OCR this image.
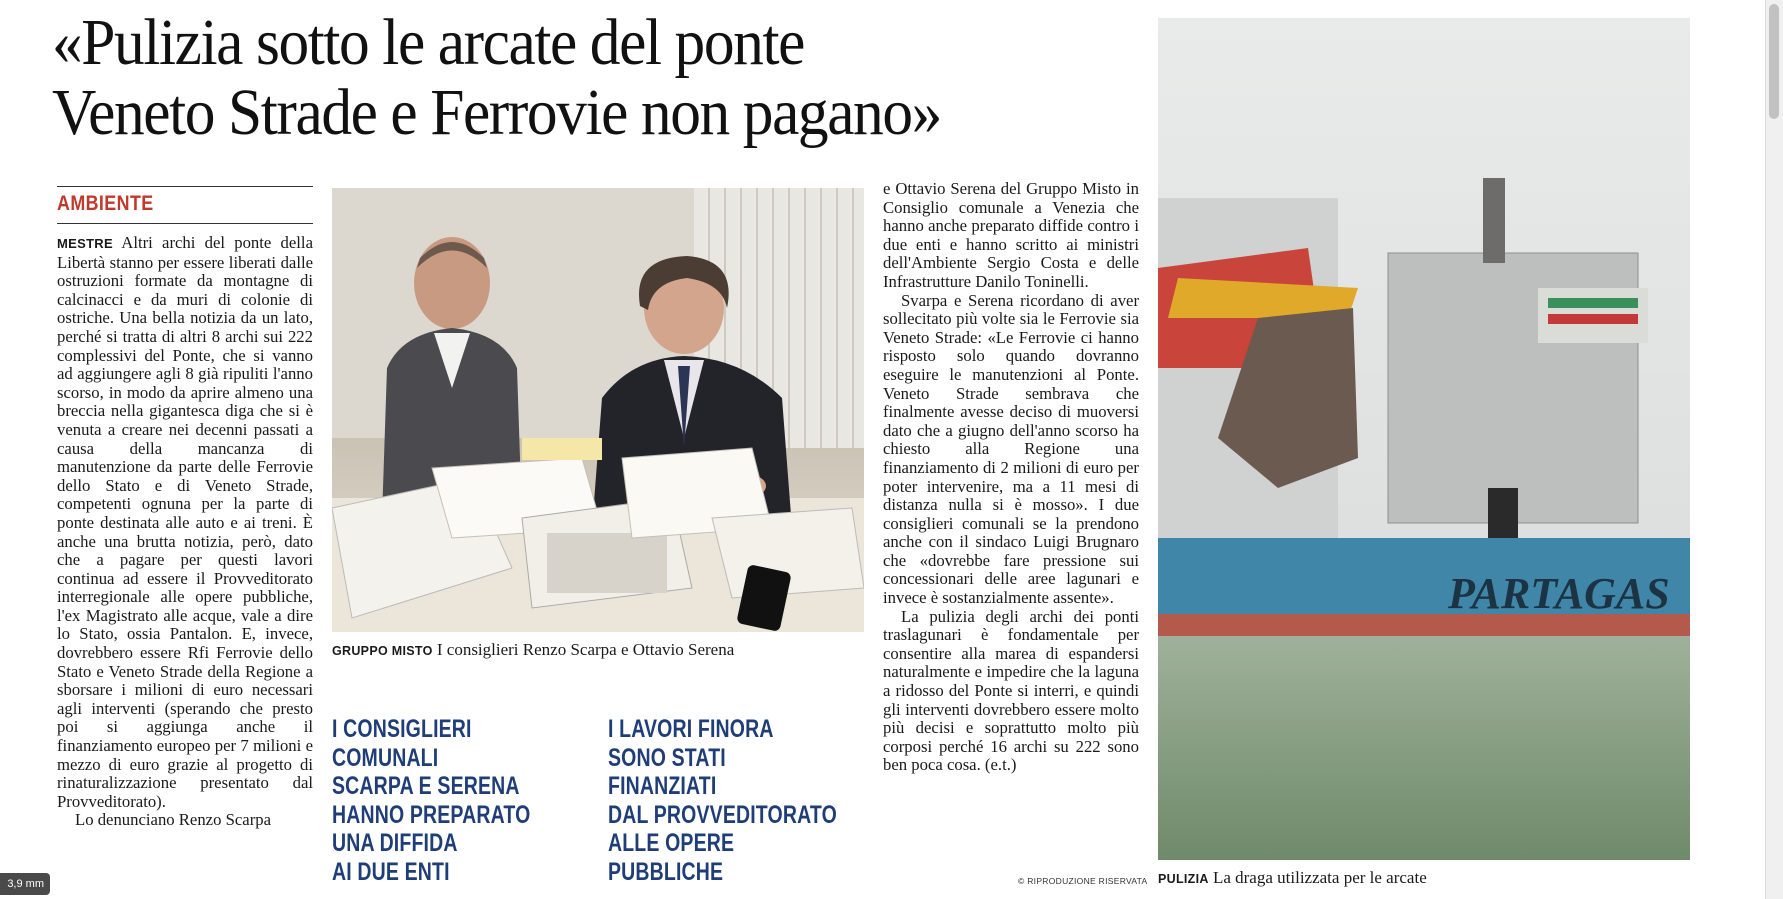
«Pulizia sotto le arcate del ponte
Veneto Strade e Ferrovie non pagano»
AMBIENTE

MESTRE Altri archi del ponte della Libertà stanno per essere liberati dalle ostruzioni formate da montagne di calcinacci e da muri di colonie di ostriche. Una bella notizia da un lato, perché si tratta di altri 8 archi sui 222 complessivi del Ponte, che si vanno ad aggiungere agli 8 già ripuliti l'anno scorso, in modo da aprire almeno una breccia nella gigantesca diga che si è venuta a creare nei decenni passati a causa della mancanza di manutenzione da parte delle Ferrovie dello Stato e di Veneto Strade, competenti ognuna per la parte di ponte destinata alle auto e ai treni. È anche una brutta notizia, però, dato che a pagare per questi lavori continua ad essere il Provveditorato interregionale alle opere pubbliche, l'ex Magistrato alle acque, vale a dire lo Stato, ossia Pantalon. E, invece, dovrebbero essere Rfi Ferrovie dello Stato e Veneto Strade della Regione a sborsare i milioni di euro necessari agli interventi (sperando che presto poi si aggiunga anche il finanziamento europeo per 7 milioni e mezzo di euro grazie al progetto di rinaturalizzazione presentato dal Provveditorato).

Lo denunciano Renzo Scarpa

GRUPPO MISTO I consiglieri Renzo Scarpa e Ottavio Serena
I CONSIGLIERI
COMUNALI
SCARPA E SERENA
HANNO PREPARATO
UNA DIFFIDA
AI DUE ENTI
I LAVORI FINORA
SONO STATI
FINANZIATI
DAL PROVVEDITORATO
ALLE OPERE
PUBBLICHE

e Ottavio Serena del Gruppo Misto in Consiglio comunale a Venezia che hanno anche preparato diffide contro i due enti e hanno scritto ai ministri dell'Ambiente Sergio Costa e delle Infrastrutture Danilo Toninelli.

Svarpa e Serena ricordano di aver sollecitato più volte sia le Ferrovie sia Veneto Strade: «Le Ferrovie ci hanno risposto solo quando dovranno eseguire le manutenzioni al Ponte. Veneto Strade sembrava che finalmente avesse deciso di muoversi dato che a giugno dell'anno scorso ha chiesto alla Regione una finanziamento di 2 milioni di euro per poter intervenire, ma a 11 mesi di distanza nulla si è mosso». I due consiglieri comunali se la prendono anche con il sindaco Luigi Brugnaro che «dovrebbe fare pressione sui concessionari delle aree lagunari e invece è sostanzialmente assente».

La pulizia degli archi dei ponti traslagunari è fondamentale per consentire alla marea di espandersi naturalmente e impedire che la laguna a ridosso del Ponte si interri, e quindi gli interventi dovrebbero essere molto più decisi e soprattutto molto più corposi perché 16 archi su 222 sono ben poca cosa. (e.t.)

© RIPRODUZIONE RISERVATA
PARTAGAS
PULIZIA La draga utilizzata per le arcate
3,9 mm
